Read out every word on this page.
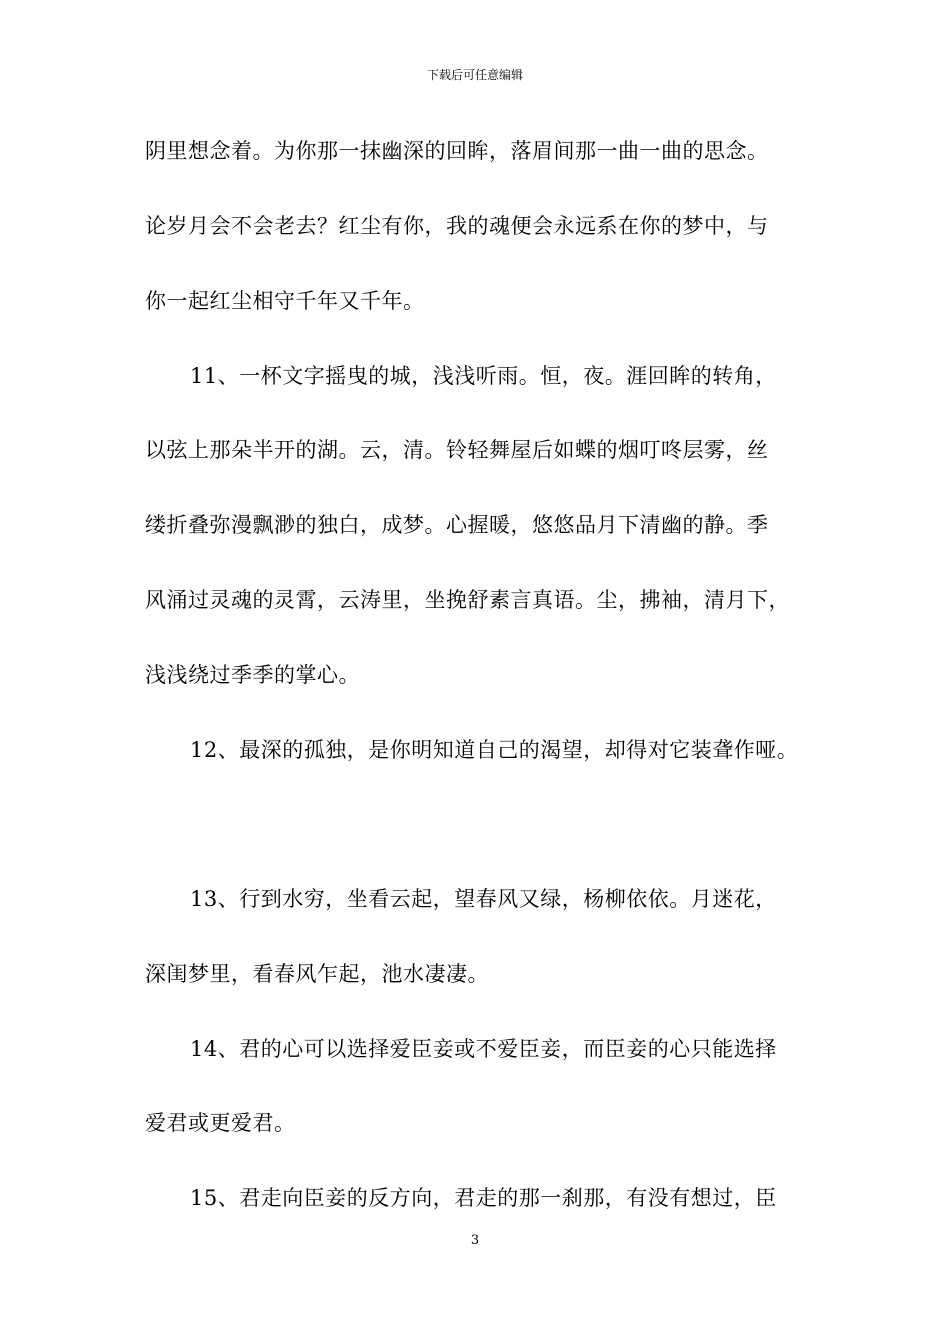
下载后可任意编辑
阴里想念着。为你那一抹幽深的回眸，落眉间那一曲一曲的思念。
论岁月会不会老去？红尘有你，我的魂便会永远系在你的梦中，与
你一起红尘相守千年又千年。
11、一杯文字摇曳的城，浅浅听雨。恒，夜。涯回眸的转角，
以弦上那朵半开的湖。云，清。铃轻舞屋后如蝶的烟叮咚层雾，丝
缕折叠弥漫飘渺的独白，成梦。心握暖，悠悠品月下清幽的静。季
风涌过灵魂的灵霄，云涛里，坐挽舒素言真语。尘，拂袖，清月下，
浅浅绕过季季的掌心。
12、最深的孤独，是你明知道自己的渴望，却得对它装聋作哑。
13、行到水穷，坐看云起，望春风又绿，杨柳依依。月迷花，
深闺梦里，看春风乍起，池水凄凄。
14、君的心可以选择爱臣妾或不爱臣妾，而臣妾的心只能选择
爱君或更爱君。
15、君走向臣妾的反方向，君走的那一刹那，有没有想过，臣
3
